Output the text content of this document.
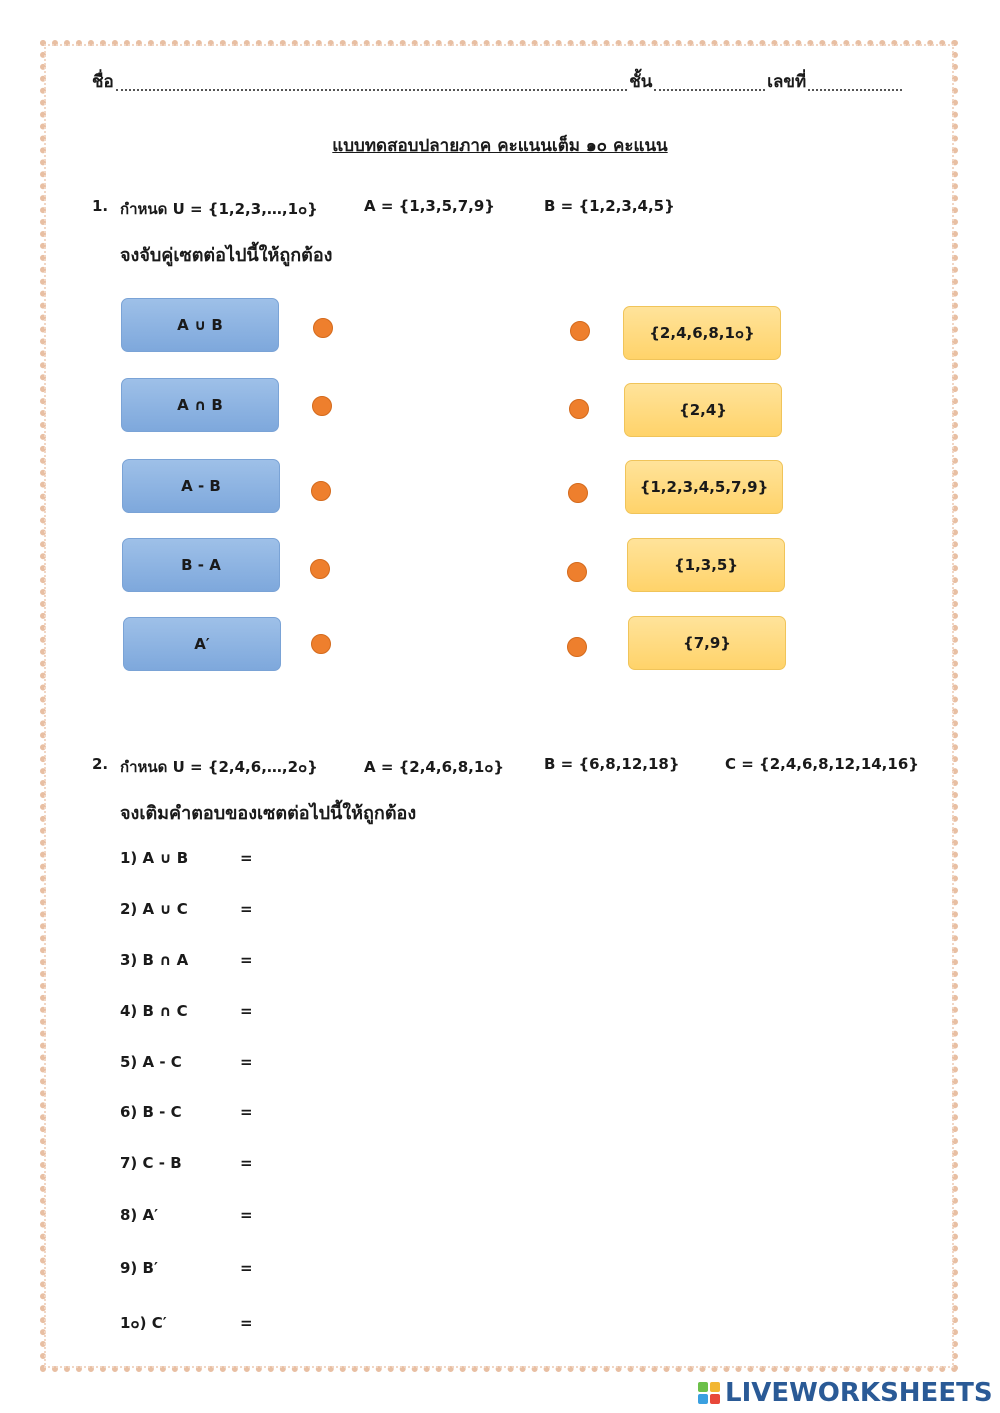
ชื่อ	ชั้น	เลขที่
แบบทดสอบปลายภาค คะแนนเต็ม ๑๐ คะแนน
1. กำหนด U = {1,2,3,…,1๐}	A = {1,3,5,7,9}	B = {1,2,3,4,5}
จงจับคู่เซตต่อไปนี้ให้ถูกต้อง
A ∪ B
A ∩ B
A - B
B - A
A′
{2,4,6,8,1๐}
{2,4}
{1,2,3,4,5,7,9}
{1,3,5}
{7,9}
2. กำหนด U = {2,4,6,…,2๐}	A = {2,4,6,8,1๐}	B = {6,8,12,18}	C = {2,4,6,8,12,14,16}
จงเติมคำตอบของเซตต่อไปนี้ให้ถูกต้อง
1) A ∪ B	=
2) A ∪ C	=
3) B ∩ A	=
4) B ∩ C	=
5) A - C	=
6) B - C	=
7) C - B	=
8) A′	=
9) B′	=
1๐) C′	=
LIVEWORKSHEETS
